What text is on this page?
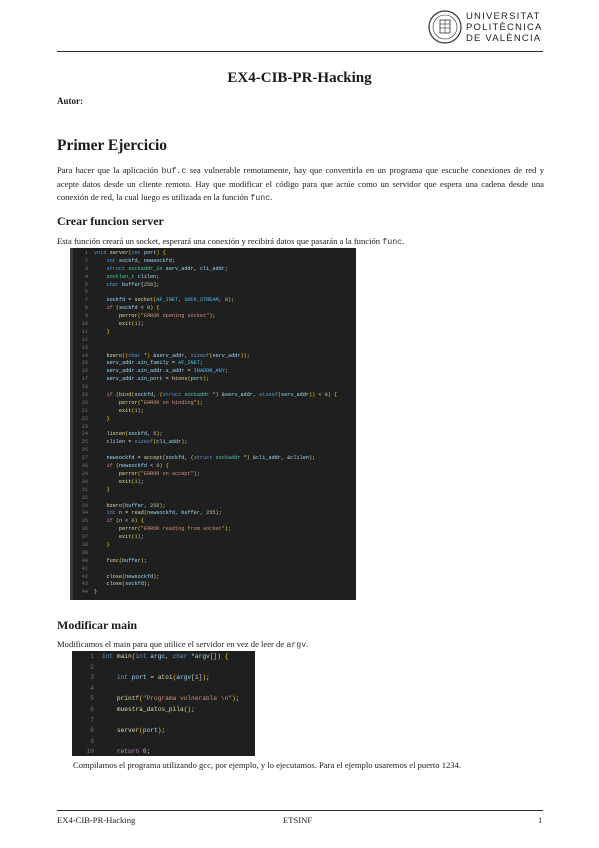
UNIVERSITAT
POLITÈCNICA
DE VALÈNCIA
EX4-CIB-PR-Hacking
Autor:
Primer Ejercicio
Para hacer que la aplicación buf.c sea vulnerable remotamente, hay que convertirla en un programa que escuche conexiones de red y acepte datos desde un cliente remoto. Hay que modificar el código para que actúe como un servidor que espera una cadena desde una conexión de red, la cual luego es utilizada en la función func.
Crear funcion server
Esta función creará un socket, esperará una conexión y recibirá datos que pasarán a la función func.
1 void server(int port) {
2	int sockfd, newsockfd;
3	struct sockaddr_in serv_addr, cli_addr;
4	socklen_t clilen;
5	char buffer[256];
6
7	sockfd = socket(AF_INET, SOCK_STREAM, 0);
8	if (sockfd < 0) {
9	perror("ERROR opening socket");
10	exit(1);
11	}
12
13
14	bzero((char *) &serv_addr, sizeof(serv_addr));
15	serv_addr.sin_family = AF_INET;
16	serv_addr.sin_addr.s_addr = INADDR_ANY;
17	serv_addr.sin_port = htons(port);
18
19	if (bind(sockfd, (struct sockaddr *) &serv_addr, sizeof(serv_addr)) < 0) {
20	perror("ERROR on binding");
21	exit(1);
22	}
23
24	listen(sockfd, 5);
25	clilen = sizeof(cli_addr);
26
27	newsockfd = accept(sockfd, (struct sockaddr *) &cli_addr, &clilen);
28	if (newsockfd < 0) {
29	perror("ERROR on accept");
30	exit(1);
31	}
32
33	bzero(buffer, 256);
34	int n = read(newsockfd, buffer, 255);
35	if (n < 0) {
36	perror("ERROR reading from socket");
37	exit(1);
38	}
39
40	func(buffer);
41
42	close(newsockfd);
43	close(sockfd);
44 }
Modificar main
Modificamos el main para que utilice el servidor en vez de leer de argv.
1 int main(int argc, char *argv[]) {
2
3	int port = atoi(argv[1]);
4
5	printf("Programa vulnerable \n");
6	muestra_datos_pila();
7
8	server(port);
9
10	return 0;
Compilamos el programa utilizando gcc, por ejemplo, y lo ejecutamos. Para el ejemplo usaremos el puerto 1234.
EX4-CIB-PR-Hacking	ETSINF	1
